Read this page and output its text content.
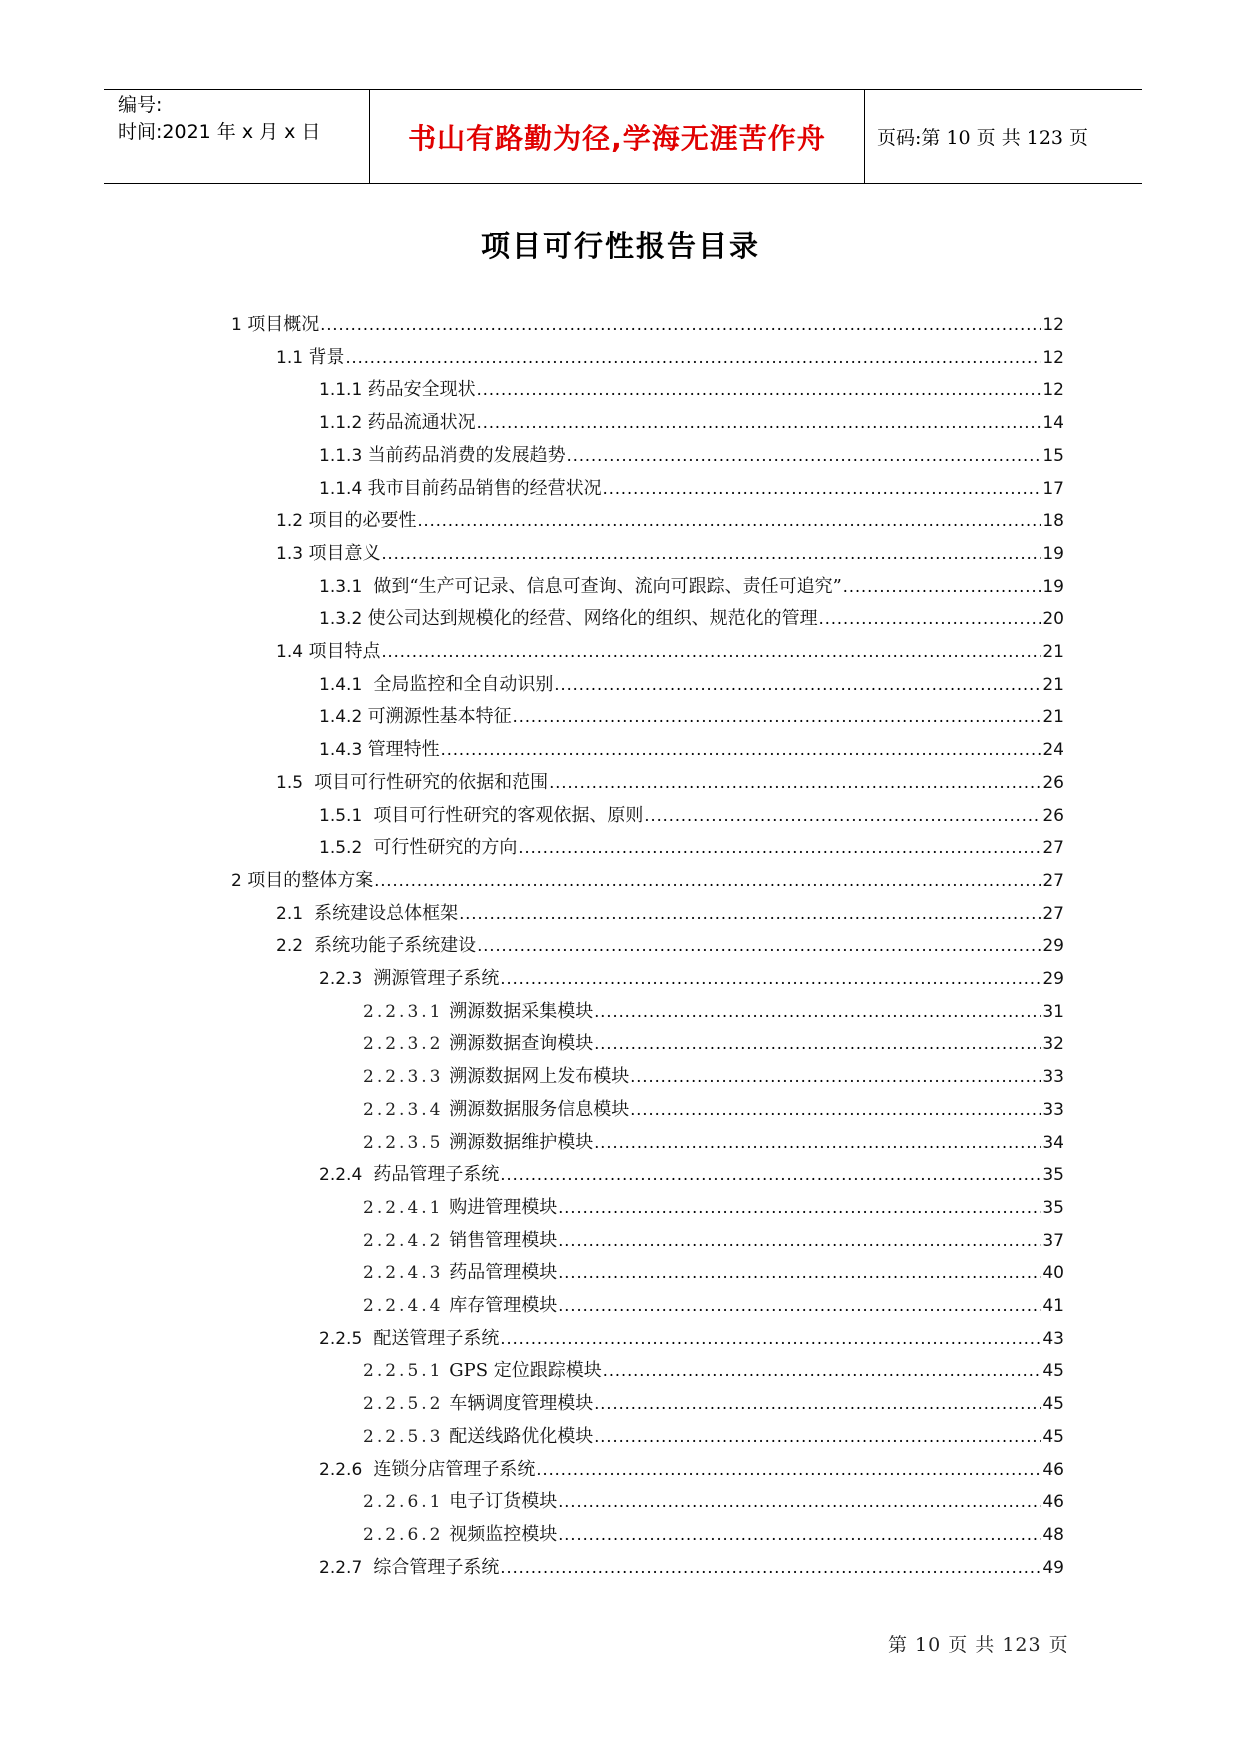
编号:
时间:2021 年 x 月 x 日	书山有路勤为径,学海无涯苦作舟	页码:第 10 页 共 123 页
项目可行性报告目录
1 项目概况 .....	12
1.1 背景 .....	12
1.1.1 药品安全现状 .....	12
1.1.2 药品流通状况 .....	14
1.1.3 当前药品消费的发展趋势 .....	15
1.1.4 我市目前药品销售的经营状况 .....	17
1.2 项目的必要性 .....	18
1.3 项目意义 .....	19
1.3.1 做到“生产可记录、信息可查询、流向可跟踪、责任可追究” .....	19
1.3.2 使公司达到规模化的经营、网络化的组织、规范化的管理 .....	20
1.4 项目特点 .....	21
1.4.1 全局监控和全自动识别 .....	21
1.4.2 可溯源性基本特征 .....	21
1.4.3 管理特性 .....	24
1.5 项目可行性研究的依据和范围 .....	26
1.5.1 项目可行性研究的客观依据、原则 .....	26
1.5.2 可行性研究的方向 .....	27
2 项目的整体方案 .....	27
2.1 系统建设总体框架 .....	27
2.2 系统功能子系统建设 .....	29
2.2.3 溯源管理子系统 .....	29
2.2.3.1 溯源数据采集模块 .....	31
2.2.3.2 溯源数据查询模块 .....	32
2.2.3.3 溯源数据网上发布模块 .....	33
2.2.3.4 溯源数据服务信息模块 .....	33
2.2.3.5 溯源数据维护模块 .....	34
2.2.4 药品管理子系统 .....	35
2.2.4.1 购进管理模块 .....	35
2.2.4.2 销售管理模块 .....	37
2.2.4.3 药品管理模块 .....	40
2.2.4.4 库存管理模块 .....	41
2.2.5 配送管理子系统 .....	43
2.2.5.1 GPS 定位跟踪模块 .....	45
2.2.5.2 车辆调度管理模块 .....	45
2.2.5.3 配送线路优化模块 .....	45
2.2.6 连锁分店管理子系统 .....	46
2.2.6.1 电子订货模块 .....	46
2.2.6.2 视频监控模块 .....	48
2.2.7 综合管理子系统 .....	49
第 10 页 共 123 页
